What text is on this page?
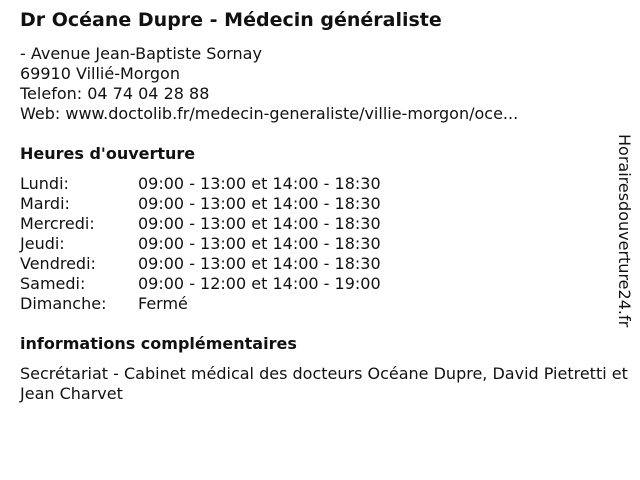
Dr Océane Dupre - Médecin généraliste
- Avenue Jean-Baptiste Sornay
69910 Villié-Morgon
Telefon: 04 74 04 28 88
Web: www.doctolib.fr/medecin-generaliste/villie-morgon/oce...
Heures d'ouverture
Lundi:	09:00 - 13:00 et 14:00 - 18:30
Mardi:	09:00 - 13:00 et 14:00 - 18:30
Mercredi:	09:00 - 13:00 et 14:00 - 18:30
Jeudi:	09:00 - 13:00 et 14:00 - 18:30
Vendredi:	09:00 - 13:00 et 14:00 - 18:30
Samedi:	09:00 - 12:00 et 14:00 - 19:00
Dimanche: Fermé
informations complémentaires
Secrétariat - Cabinet médical des docteurs Océane Dupre, David Pietretti et Jean Charvet
Horairesdouverture24.fr
